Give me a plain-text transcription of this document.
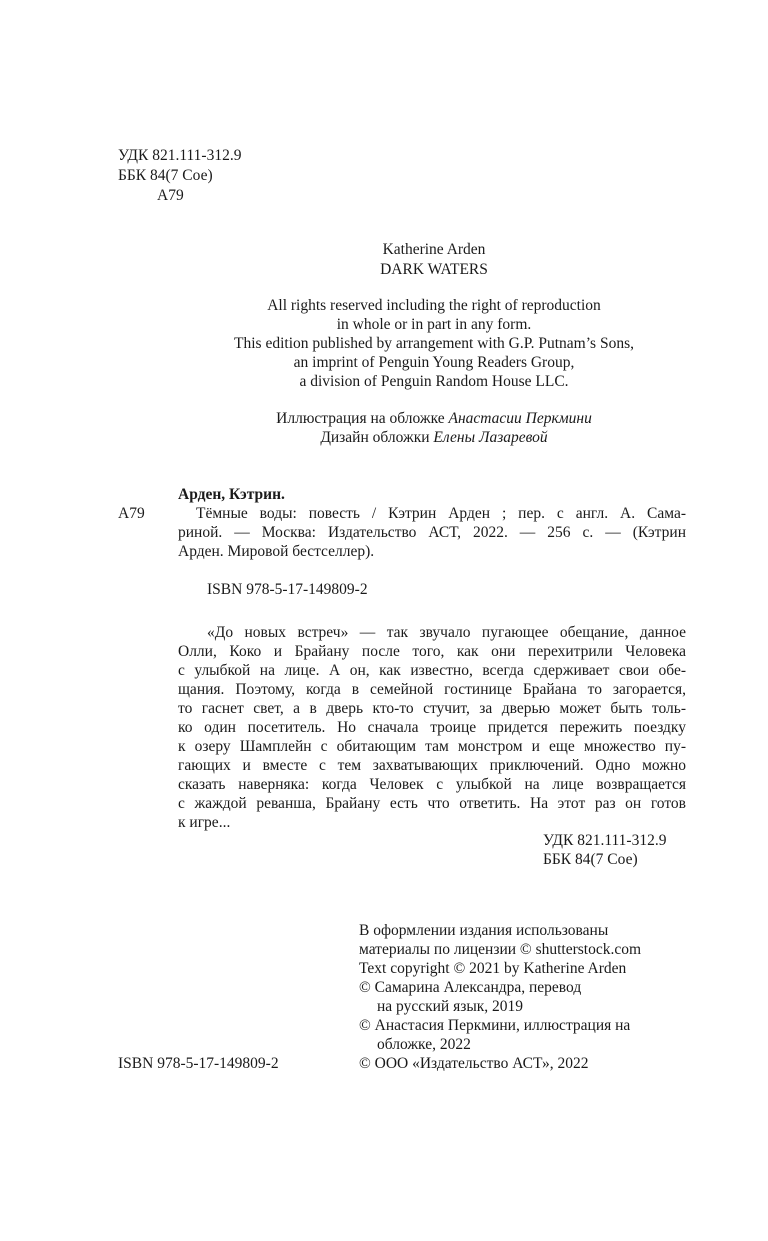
УДК 821.111-312.9
ББК 84(7 Сое)
А79
Katherine Arden
DARK WATERS
All rights reserved including the right of reproduction
in whole or in part in any form.
This edition published by arrangement with G.P. Putnam’s Sons,
an imprint of Penguin Young Readers Group,
a division of Penguin Random House LLC.
Иллюстрация на обложке Анастасии Перкмини
Дизайн обложки Елены Лазаревой
Арден, Кэтрин.
А79	Тёмные воды: повесть / Кэтрин Арден ; пер. с англ. А. Сама-
риной. — Москва: Издательство АСТ, 2022. — 256 с. — (Кэтрин
Арден. Мировой бестселлер).
ISBN 978-5-17-149809-2
«До новых встреч» — так звучало пугающее обещание, данное
Олли, Коко и Брайану после того, как они перехитрили Человека
с улыбкой на лице. А он, как известно, всегда сдерживает свои обе-
щания. Поэтому, когда в семейной гостинице Брайана то загорается,
то гаснет свет, а в дверь кто-то стучит, за дверью может быть толь-
ко один посетитель. Но сначала троице придется пережить поездку
к озеру Шамплейн с обитающим там монстром и еще множество пу-
гающих и вместе с тем захватывающих приключений. Одно можно
сказать наверняка: когда Человек с улыбкой на лице возвращается
с жаждой реванша, Брайану есть что ответить. На этот раз он готов
к игре...
УДК 821.111-312.9
ББК 84(7 Сое)
ISBN 978-5-17-149809-2
В оформлении издания использованы
материалы по лицензии © shutterstock.com
Text copyright © 2021 by Katherine Arden
© Самарина Александра, перевод
на русский язык, 2019
© Анастасия Перкмини, иллюстрация на
обложке, 2022
© ООО «Издательство АСТ», 2022
